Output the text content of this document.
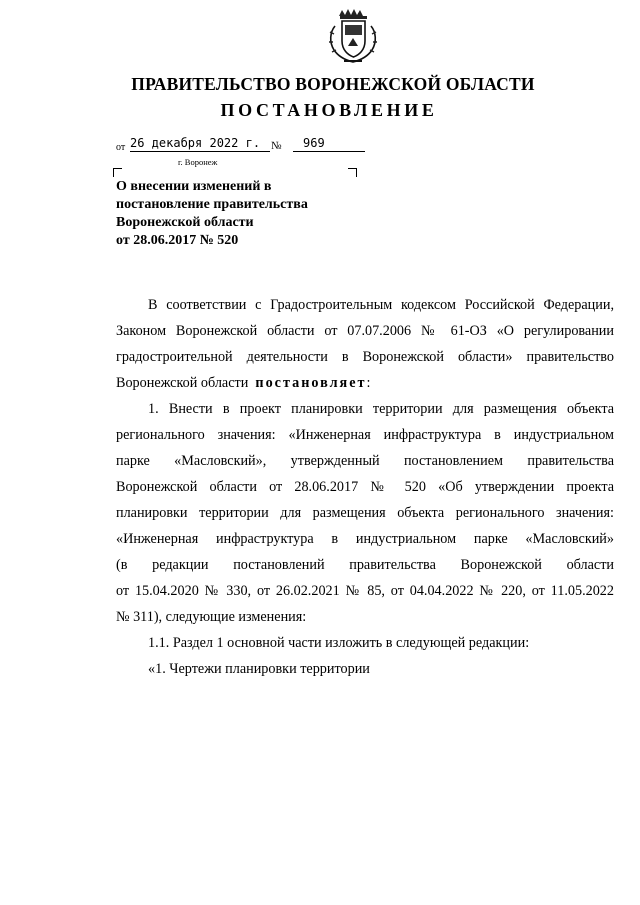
ПРАВИТЕЛЬСТВО ВОРОНЕЖСКОЙ ОБЛАСТИ
ПОСТАНОВЛЕНИЕ
от 26 декабря 2022 г. №	969
г. Воронеж
О внесении изменений в
постановление правительства
Воронежской области
от 28.06.2017 № 520
В соответствии с Градостроительным кодексом Российской Федерации,
Законом Воронежской области от 07.07.2006 № 61-ОЗ «О регулировании
градостроительной деятельности в Воронежской области» правительство
Воронежской области постановляет:
1. Внести в проект планировки территории для размещения объекта
регионального значения: «Инженерная инфраструктура в индустриальном
парке «Масловский», утвержденный постановлением правительства
Воронежской области от 28.06.2017 № 520 «Об утверждении проекта
планировки территории для размещения объекта регионального значения:
«Инженерная инфраструктура в индустриальном парке «Масловский»
(в редакции постановлений правительства Воронежской области
от 15.04.2020 № 330, от 26.02.2021 № 85, от 04.04.2022 № 220, от 11.05.2022
№ 311), следующие изменения:
1.1. Раздел 1 основной части изложить в следующей редакции:
«1. Чертежи планировки территории
